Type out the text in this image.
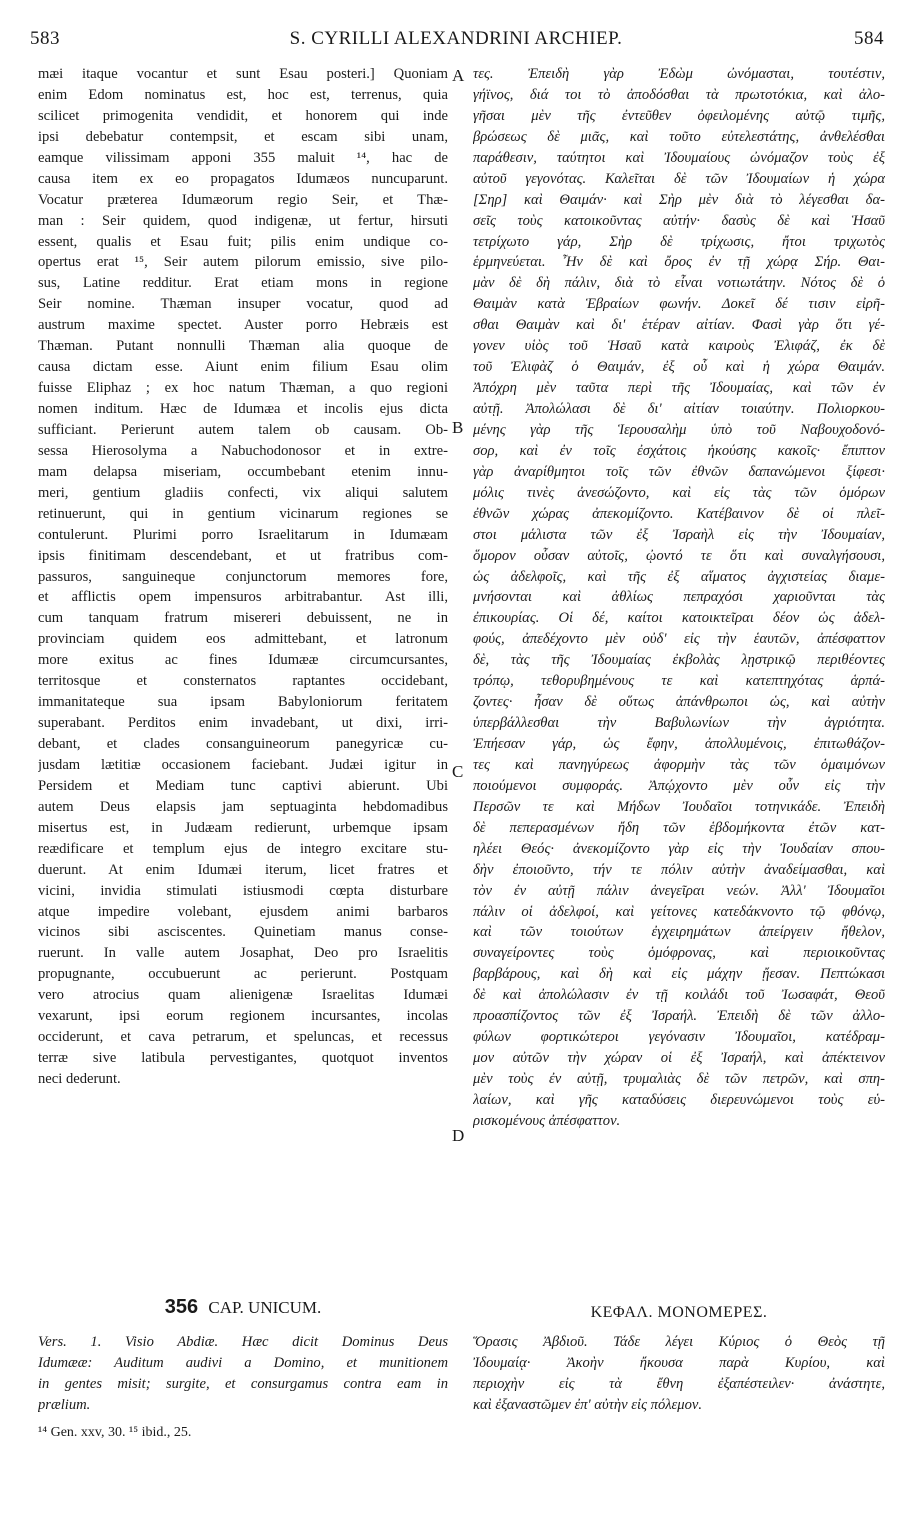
583	S. CYRILLI ALEXANDRINI ARCHIEP.	584
mæi itaque vocantur et sunt Esau posteri.] Quoniam
enim Edom nominatus est, hoc est, terrenus, quia
scilicet primogenita vendidit, et honorem qui inde
ipsi debebatur contempsit, et escam sibi unam,
eamque vilissimam apponi 355 maluit ¹⁴, hac de
causa item ex eo propagatos Idumæos nuncuparunt.
Vocatur præterea Idumæorum regio Seir, et Thæ-
man : Seir quidem, quod indigenæ, ut fertur, hirsuti
essent, qualis et Esau fuit; pilis enim undique co-
opertus erat ¹⁵, Seir autem pilorum emissio, sive pilo-
sus, Latine redditur. Erat etiam mons in regione
Seir nomine. Thæman insuper vocatur, quod ad
austrum maxime spectet. Auster porro Hebræis est
Thæman. Putant nonnulli Thæman alia quoque de
causa dictam esse. Aiunt enim filium Esau olim
fuisse Eliphaz ; ex hoc natum Thæman, a quo regioni
nomen inditum. Hæc de Idumæa et incolis ejus dicta
sufficiant. Perierunt autem talem ob causam. Ob-
sessa Hierosolyma a Nabuchodonosor et in extre-
mam delapsa miseriam, occumbebant etenim innu-
meri, gentium gladiis confecti, vix aliqui salutem
retinuerunt, qui in gentium vicinarum regiones se
contulerunt. Plurimi porro Israelitarum in Idumæam
ipsis finitimam descendebant, et ut fratribus com-
passuros, sanguineque conjunctorum memores fore,
et afflictis opem impensuros arbitrabantur. Ast illi,
cum tanquam fratrum misereri debuissent, ne in
provinciam quidem eos admittebant, et latronum
more exitus ac fines Idumææ circumcursantes,
territosque et consternatos raptantes occidebant,
immanitateque sua ipsam Babyloniorum feritatem
superabant. Perditos enim invadebant, ut dixi, irri-
debant, et clades consanguineorum panegyricæ cu-
jusdam lætitiæ occasionem faciebant. Judæi igitur in
Persidem et Mediam tunc captivi abierunt. Ubi
autem Deus elapsis jam septuaginta hebdomadibus
misertus est, in Judæam redierunt, urbemque ipsam
reædificare et templum ejus de integro excitare stu-
duerunt. At enim Idumæi iterum, licet fratres et
vicini, invidia stimulati istiusmodi cœpta disturbare
atque impedire volebant, ejusdem animi barbaros
vicinos sibi asciscentes. Quinetiam manus conse-
ruerunt. In valle autem Josaphat, Deo pro Israelitis
propugnante, occubuerunt ac perierunt. Postquam
vero atrocius quam alienigenæ Israelitas Idumæi
vexarunt, ipsi eorum regionem incursantes, incolas
occiderunt, et cava petrarum, et speluncas, et recessus
terræ sive latibula pervestigantes, quotquot inventos
neci dederunt.
τες. Ἐπειδὴ γὰρ Ἐδὼμ ὠνόμασται, τουτέστιν,
γήϊνος, διά τοι τὸ ἀποδόσθαι τὰ πρωτοτόκια, καὶ ἀλο-
γῆσαι μὲν τῆς ἐντεῦθεν ὀφειλομένης αὐτῷ τιμῆς,
βρώσεως δὲ μιᾶς, καὶ τοῦτο εὐτελεστάτης, ἀνθελέσθαι
παράθεσιν, ταύτητοι καὶ Ἰδουμαίους ὠνόμαζον τοὺς ἐξ
αὐτοῦ γεγονότας. Καλεῖται δὲ τῶν Ἰδουμαίων ἡ χώρα
[Σηρ] καὶ Θαιμάν· καὶ Σὴρ μὲν διὰ τὸ λέγεσθαι δα-
σεῖς τοὺς κατοικοῦντας αὐτήν· δασὺς δὲ καὶ Ἡσαῦ
τετρίχωτο γάρ, Σὴρ δὲ τρίχωσις, ἤτοι τριχωτὸς
ἑρμηνεύεται. Ἦν δὲ καὶ ὄρος ἐν τῇ χώρᾳ Σήρ. Θαι-
μὰν δὲ δὴ πάλιν, διὰ τὸ εἶναι νοτιωτάτην. Νότος δὲ ὁ
Θαιμὰν κατὰ Ἑβραίων φωνήν. Δοκεῖ δέ τισιν εἰρῆ-
σθαι Θαιμὰν καὶ δι' ἑτέραν αἰτίαν. Φασὶ γὰρ ὅτι γέ-
γονεν υἱὸς τοῦ Ἡσαῦ κατὰ καιροὺς Ἐλιφάζ, ἐκ δὲ
τοῦ Ἐλιφὰζ ὁ Θαιμάν, ἐξ οὗ καὶ ἡ χώρα Θαιμάν.
Ἀπόχρη μὲν ταῦτα περὶ τῆς Ἰδουμαίας, καὶ τῶν ἐν
αὐτῇ. Ἀπολώλασι δὲ δι' αἰτίαν τοιαύτην. Πολιορκου-
μένης γὰρ τῆς Ἱερουσαλὴμ ὑπὸ τοῦ Ναβουχοδονό-
σορ, καὶ ἐν τοῖς ἐσχάτοις ἡκούσης κακοῖς· ἔπιπτον
γὰρ ἀναρίθμητοι τοῖς τῶν ἐθνῶν δαπανώμενοι ξίφεσι·
μόλις τινὲς ἀνεσώζοντο, καὶ εἰς τὰς τῶν ὁμόρων
ἐθνῶν χώρας ἀπεκομίζοντο. Κατέβαινον δὲ οἱ πλεῖ-
στοι μάλιστα τῶν ἐξ Ἰσραὴλ εἰς τὴν Ἰδουμαίαν,
ὅμορον οὖσαν αὐτοῖς, ᾠοντό τε ὅτι καὶ συναλγήσουσι,
ὡς ἀδελφοῖς, καὶ τῆς ἐξ αἵματος ἀγχιστείας διαμε-
μνήσονται καὶ ἀθλίως πεπραχόσι χαριοῦνται τὰς
ἐπικουρίας. Οἱ δέ, καίτοι κατοικτεῖραι δέον ὡς ἀδελ-
φούς, ἀπεδέχοντο μὲν οὐδ' εἰς τὴν ἑαυτῶν, ἀπέσφαττον
δὲ, τὰς τῆς Ἰδουμαίας ἐκβολὰς λῃστρικῷ περιθέοντες
τρόπῳ, τεθορυβημένους τε καὶ κατεπτηχότας ἁρπά-
ζοντες· ἦσαν δὲ οὕτως ἀπάνθρωποι ὡς, καὶ αὐτὴν
ὑπερβάλλεσθαι τὴν Βαβυλωνίων τὴν ἀγριότητα.
Ἐπήεσαν γάρ, ὡς ἔφην, ἀπολλυμένοις, ἐπιτωθάζον-
τες καὶ πανηγύρεως ἀφορμὴν τὰς τῶν ὁμαιμόνων
ποιούμενοι συμφοράς. Ἀπῴχοντο μὲν οὖν εἰς τὴν
Περσῶν τε καὶ Μήδων Ἰουδαῖοι τοτηνικάδε. Ἐπειδὴ
δὲ πεπερασμένων ἤδη τῶν ἑβδομήκοντα ἐτῶν κατ-
ηλέει Θεός· ἀνεκομίζοντο γὰρ εἰς τὴν Ἰουδαίαν σπου-
δὴν ἐποιοῦντο, τήν τε πόλιν αὐτὴν ἀναδείμασθαι, καὶ
τὸν ἐν αὐτῇ πάλιν ἀνεγεῖραι νεών. Ἀλλ' Ἰδουμαῖοι
πάλιν οἱ ἀδελφοί, καὶ γείτονες κατεδάκνοντο τῷ φθόνῳ,
καὶ τῶν τοιούτων ἐγχειρημάτων ἀπείργειν ἤθελον,
συναγείροντες τοὺς ὁμόφρονας, καὶ περιοικοῦντας
βαρβάρους, καὶ δὴ καὶ εἰς μάχην ᾔεσαν. Πεπτώκασι
δὲ καὶ ἀπολώλασιν ἐν τῇ κοιλάδι τοῦ Ἰωσαφάτ, Θεοῦ
προασπίζοντος τῶν ἐξ Ἰσραήλ. Ἐπειδὴ δὲ τῶν ἀλλο-
φύλων φορτικώτεροι γεγόνασιν Ἰδουμαῖοι, κατέδραμ-
μον αὐτῶν τὴν χώραν οἱ ἐξ Ἰσραήλ, καὶ ἀπέκτεινον
μὲν τοὺς ἐν αὐτῇ, τρυμαλιὰς δὲ τῶν πετρῶν, καὶ σπη-
λαίων, καὶ γῆς καταδύσεις διερευνώμενοι τοὺς εὑ-
ρισκομένους ἀπέσφαττον.
A
B
C
D
356 CAP. UNICUM.	ΚΕΦΑΛ. ΜΟΝΟΜΕΡΕΣ.
Vers. 1. Visio Abdiæ. Hæc dicit Dominus Deus
Idumææ: Auditum audivi a Domino, et munitionem
in gentes misit; surgite, et consurgamus contra eam in
prælium.
Ὅρασις Ἀβδιοῦ. Τάδε λέγει Κύριος ὁ Θεὸς τῇ
Ἰδουμαίᾳ· Ἀκοὴν ἤκουσα παρὰ Κυρίου, καὶ
περιοχὴν εἰς τὰ ἔθνη ἐξαπέστειλεν· ἀνάστητε,
καὶ ἐξαναστῶμεν ἐπ' αὐτὴν εἰς πόλεμον.
¹⁴ Gen. xxv, 30. ¹⁵ ibid., 25.
